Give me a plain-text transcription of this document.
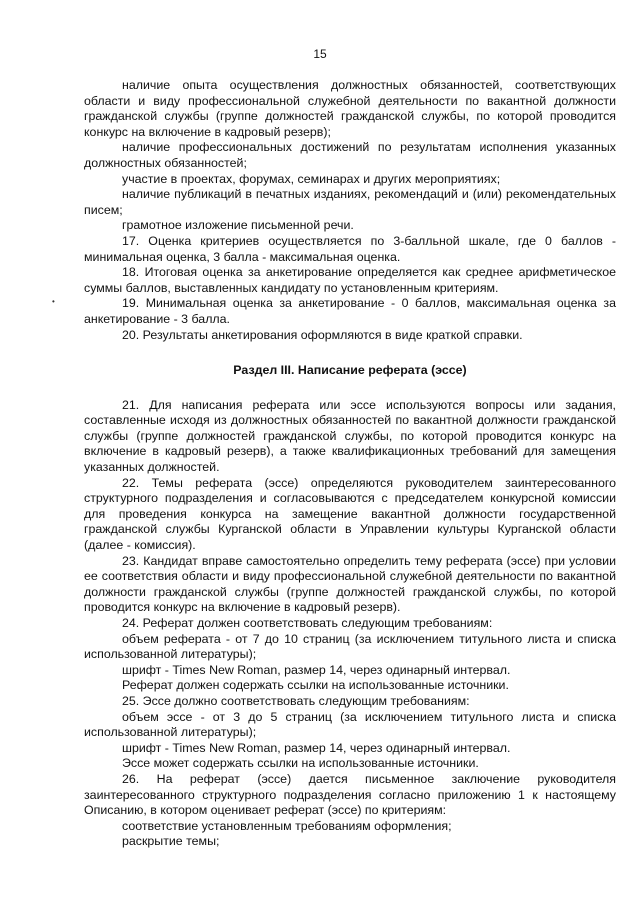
15
•

наличие опыта осуществления должностных обязанностей, соответствующих области и виду профессиональной служебной деятельности по вакантной должности гражданской службы (группе должностей гражданской службы, по которой проводится конкурс на включение в кадровый резерв);

наличие профессиональных достижений по результатам исполнения указанных должностных обязанностей;

участие в проектах, форумах, семинарах и других мероприятиях;

наличие публикаций в печатных изданиях, рекомендаций и (или) рекомендательных писем;

грамотное изложение письменной речи.

17. Оценка критериев осуществляется по 3-балльной шкале, где 0 баллов - минимальная оценка, 3 балла - максимальная оценка.

18. Итоговая оценка за анкетирование определяется как среднее арифметическое суммы баллов, выставленных кандидату по установленным критериям.

19. Минимальная оценка за анкетирование - 0 баллов, максимальная оценка за анкетирование - 3 балла.

20. Результаты анкетирования оформляются в виде краткой справки.

Раздел III. Написание реферата (эссе)

21. Для написания реферата или эссе используются вопросы или задания, составленные исходя из должностных обязанностей по вакантной должности гражданской службы (группе должностей гражданской службы, по которой проводится конкурс на включение в кадровый резерв), а также квалификационных требований для замещения указанных должностей.

22. Темы реферата (эссе) определяются руководителем заинтересованного структурного подразделения и согласовываются с председателем конкурсной комиссии для проведения конкурса на замещение вакантной должности государственной гражданской службы Курганской области в Управлении культуры Курганской области (далее - комиссия).

23. Кандидат вправе самостоятельно определить тему реферата (эссе) при условии ее соответствия области и виду профессиональной служебной деятельности по вакантной должности гражданской службы (группе должностей гражданской службы, по которой проводится конкурс на включение в кадровый резерв).

24. Реферат должен соответствовать следующим требованиям:

объем реферата - от 7 до 10 страниц (за исключением титульного листа и списка использованной литературы);

шрифт - Times New Roman, размер 14, через одинарный интервал.

Реферат должен содержать ссылки на использованные источники.

25. Эссе должно соответствовать следующим требованиям:

объем эссе - от 3 до 5 страниц (за исключением титульного листа и списка использованной литературы);

шрифт - Times New Roman, размер 14, через одинарный интервал.

Эссе может содержать ссылки на использованные источники.

26. На реферат (эссе) дается письменное заключение руководителя заинтересованного структурного подразделения согласно приложению 1 к настоящему Описанию, в котором оценивает реферат (эссе) по критериям:

соответствие установленным требованиям оформления;

раскрытие темы;
